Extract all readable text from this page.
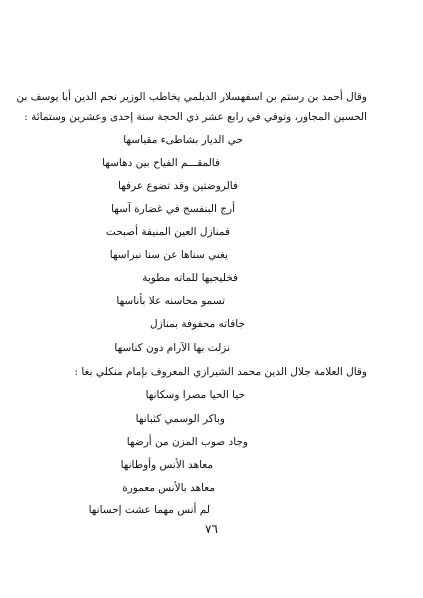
وقال أحمد بن رستم بن اسفهسلار الديلمي يخاطب الوزير نجم الدين أبا يوسف بن
الحسين المجاور، وتوفي في رابع عشر ذي الحجة سنة إحدى وعشرين وستمائة :
حي الديار بشاطىء مقياسها
فالمقـــم الفياح بين دهاسها
فالروضتين وقد تضوع عرفها
أرج البنفسج في غضارة آسها
فمنازل العين المنيفة أصبحت
يغني سناها عن سنا نبراسها
فخليجيها للماته مطوية
تسمو محاسنه علا بأناسها
جافاته محفوفة بمنازل
نزلت بها الآرام دون كناسها
وقال العلامة جلال الدين محمد الشيرازي المعروف بإمام منكلي بغا :
حيا الحيا مصرا وسكانها
وباكر الوسمي كثبانها
وجاد صوب المزن من أرضها
معاهد الأنس وأوطانها
معاهد بالأنس معمورة
لم أنس مهما عشت إحسانها
٧٦
